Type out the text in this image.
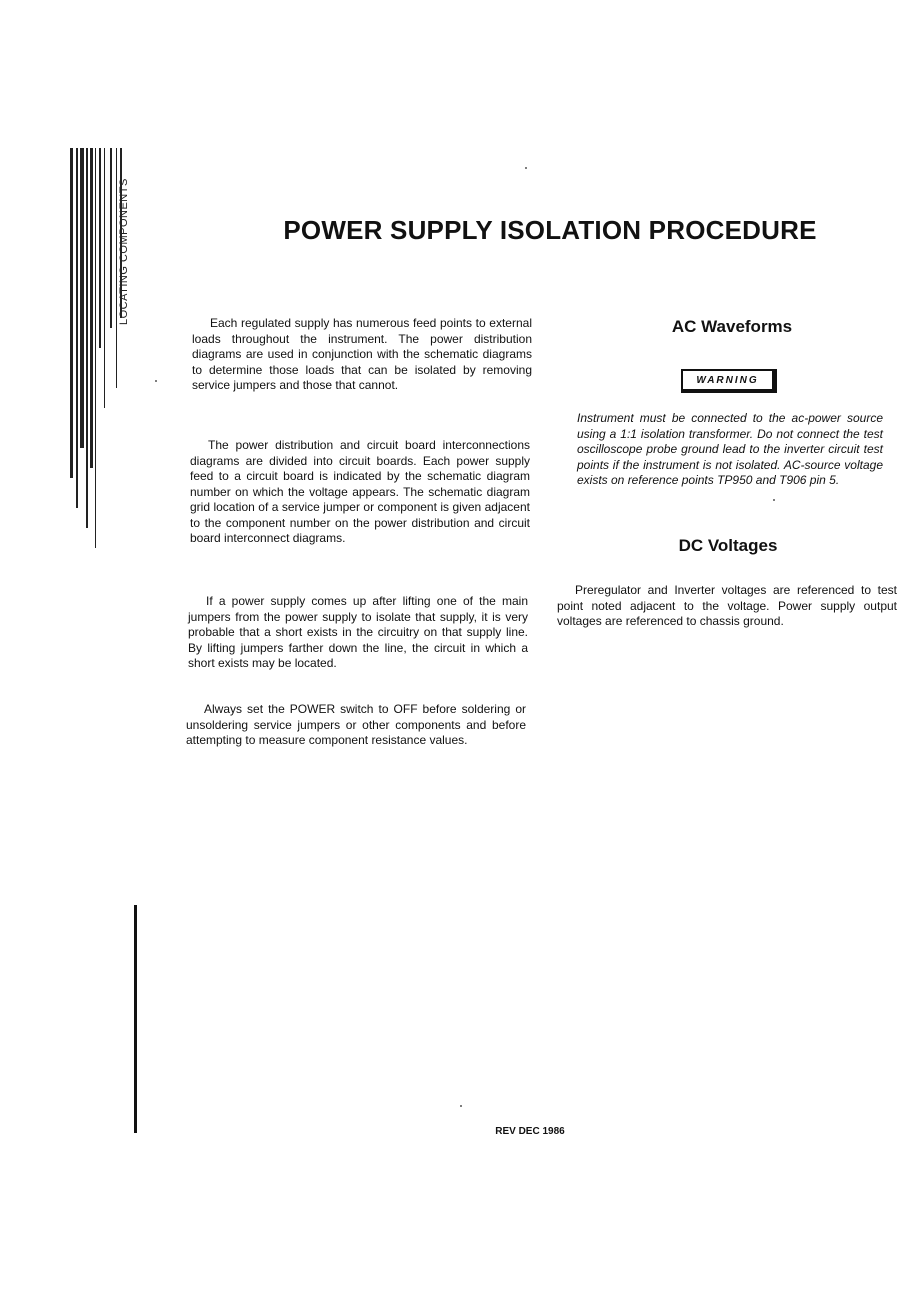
LOCATING COMPONENTS	POWER SUPPLY ISOLATION PROCEDURE

Each regulated supply has numerous feed points to external loads throughout the instrument. The power distribution diagrams are used in conjunction with the schematic diagrams to determine those loads that can be isolated by removing service jumpers and those that cannot.

The power distribution and circuit board interconnections diagrams are divided into circuit boards. Each power supply feed to a circuit board is indicated by the schematic diagram number on which the voltage appears. The schematic diagram grid location of a service jumper or component is given adjacent to the component number on the power distribution and circuit board interconnect diagrams.

If a power supply comes up after lifting one of the main jumpers from the power supply to isolate that supply, it is very probable that a short exists in the circuitry on that supply line. By lifting jumpers farther down the line, the circuit in which a short exists may be located.

Always set the POWER switch to OFF before soldering or unsoldering service jumpers or other components and before attempting to measure component resistance values.

AC Waveforms
WARNING

Instrument must be connected to the ac-power source using a 1:1 isolation transformer. Do not connect the test oscilloscope probe ground lead to the inverter circuit test points if the instrument is not isolated. AC-source voltage exists on reference points TP950 and T906 pin 5.

DC Voltages

Preregulator and Inverter voltages are referenced to test point noted adjacent to the voltage. Power supply output voltages are referenced to chassis ground.

REV DEC 1986
